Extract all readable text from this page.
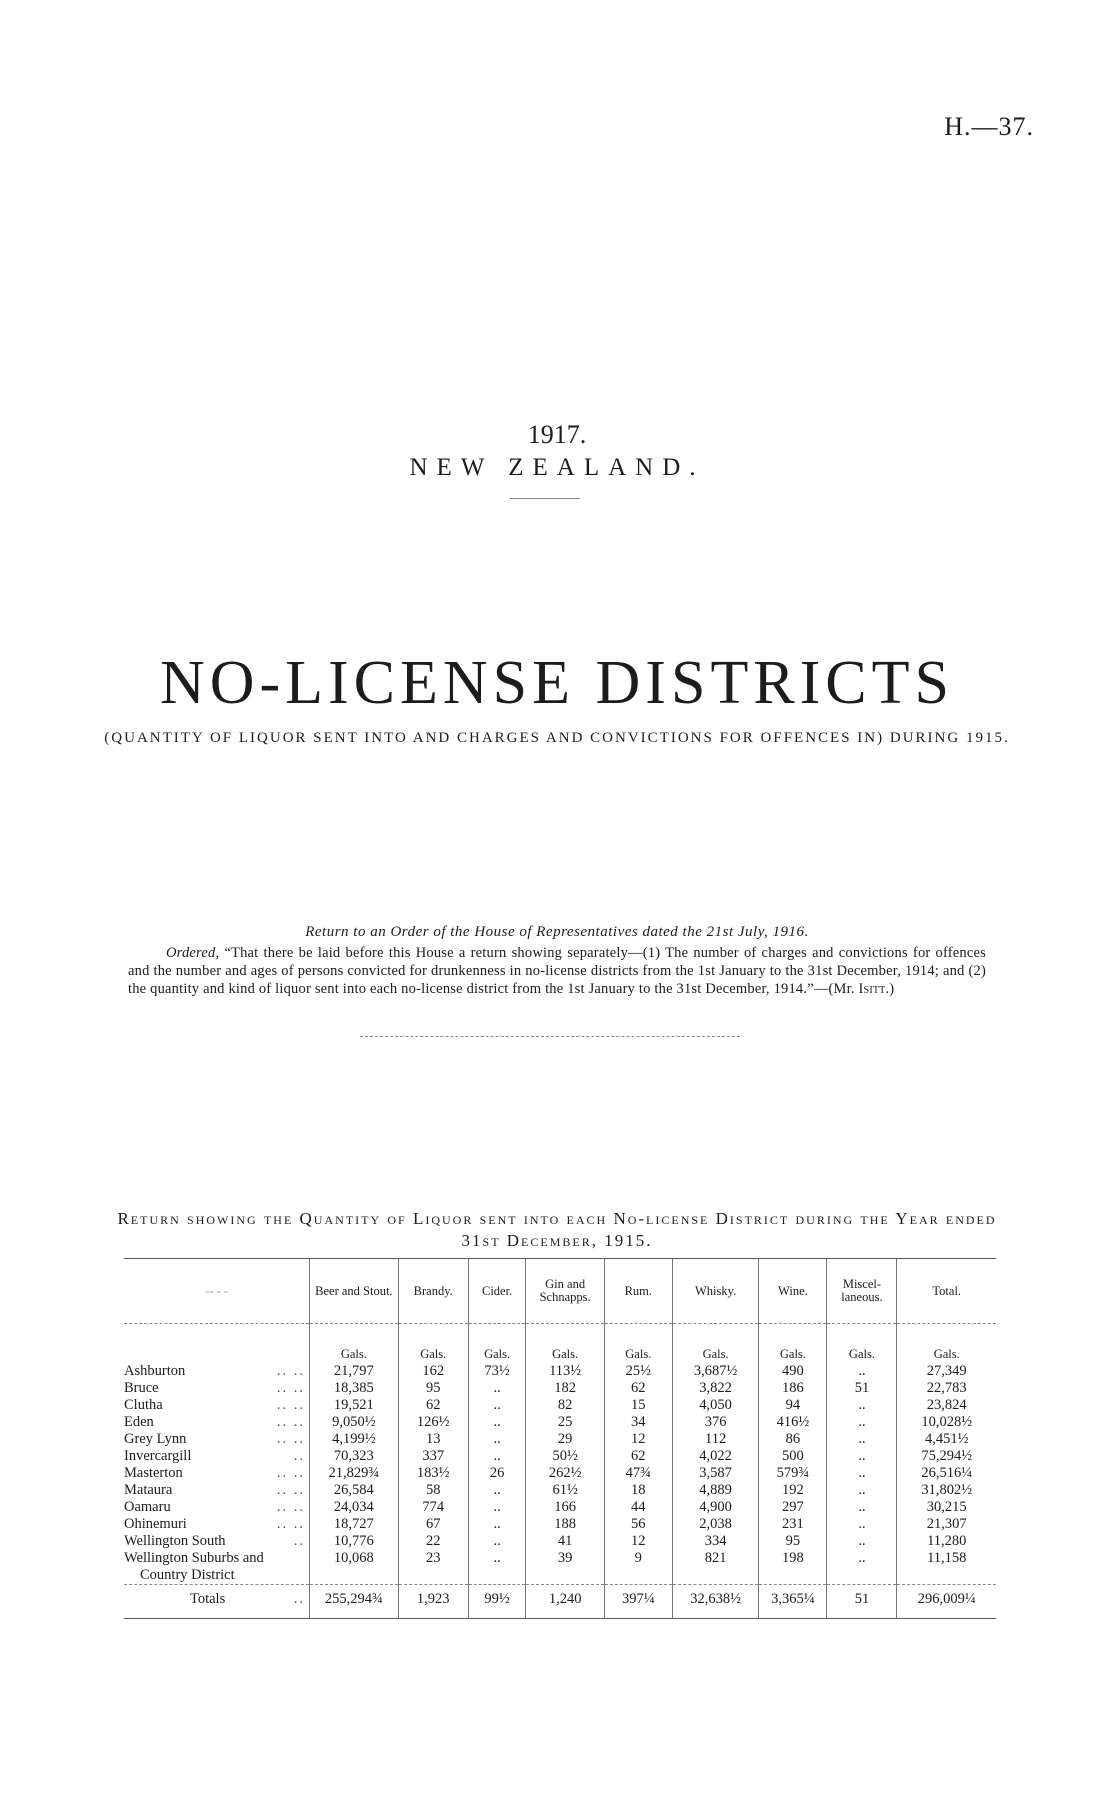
H.—37.
1917.
NEW ZEALAND.
NO-LICENSE DISTRICTS
(QUANTITY OF LIQUOR SENT INTO AND CHARGES AND CONVICTIONS FOR OFFENCES IN) DURING 1915.
Return to an Order of the House of Representatives dated the 21st July, 1916.
Ordered, “That there be laid before this House a return showing separately—(1) The number of charges and convictions for offences and the number and ages of persons convicted for drunkenness in no-license districts from the 1st January to the 31st December, 1914; and (2) the quantity and kind of liquor sent into each no-license district from the 1st January to the 31st December, 1914.”—(Mr. Isitt.)
Return showing the Quantity of Liquor sent into each No-license District during the Year ended 31st December, 1915.
-- - -	Beer and Stout.	Brandy.	Cider.	Gin and Schnapps.	Rum.	Whisky.	Wine.	Miscel-laneous.	Total.
	Gals.	Gals.	Gals.	Gals.	Gals.	Gals.	Gals.	Gals.	Gals.
Ashburton .. ..	21,797	162	73½	113½	25½	3,687½	490	..	27,349
Bruce .. ..	18,385	95	..	182	62	3,822	186	51	22,783
Clutha .. ..	19,521	62	..	82	15	4,050	94	..	23,824
Eden .. ..	9,050½	126½	..	25	34	376	416½	..	10,028½
Grey Lynn .. ..	4,199½	13	..	29	12	112	86	..	4,451½
Invercargill ..	70,323	337	..	50½	62	4,022	500	..	75,294½
Masterton .. ..	21,829¾	183½	26	262½	47¾	3,587	579¾	..	26,516¼
Mataura .. ..	26,584	58	..	61½	18	4,889	192	..	31,802½
Oamaru .. ..	24,034	774	..	166	44	4,900	297	..	30,215
Ohinemuri .. ..	18,727	67	..	188	56	2,038	231	..	21,307
Wellington South ..	10,776	22	..	41	12	334	95	..	11,280
Wellington Suburbs and
Country District	10,068	23	..	39	9	821	198	..	11,158
Totals ..	255,294¾	1,923	99½	1,240	397¼	32,638½	3,365¼	51	296,009¼
